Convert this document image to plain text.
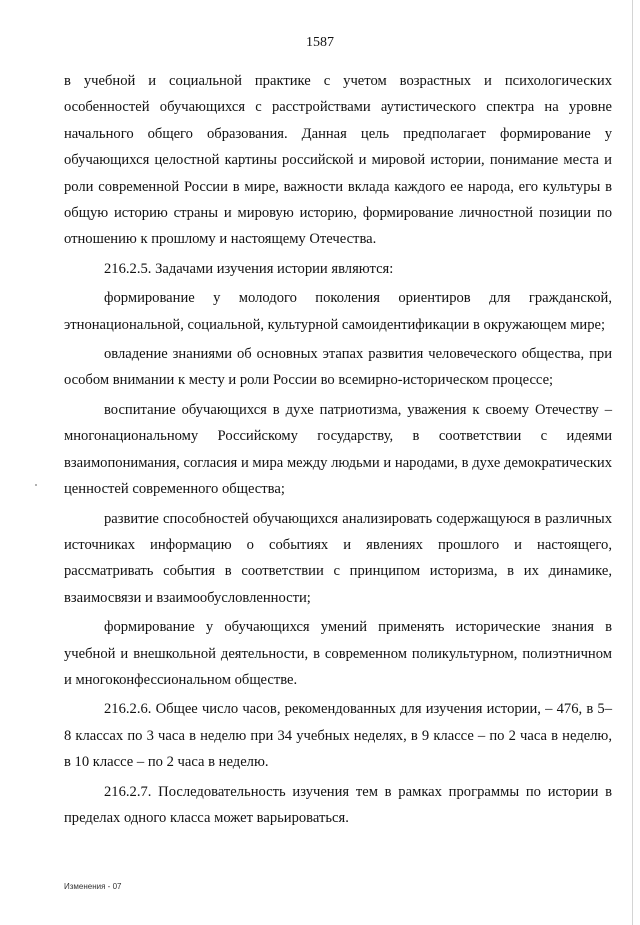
1587

в учебной и социальной практике с учетом возрастных и психологических особенностей обучающихся с расстройствами аутистического спектра на уровне начального общего образования. Данная цель предполагает формирование у обучающихся целостной картины российской и мировой истории, понимание места и роли современной России в мире, важности вклада каждого ее народа, его культуры в общую историю страны и мировую историю, формирование личностной позиции по отношению к прошлому и настоящему Отечества.

216.2.5. Задачами изучения истории являются:

формирование у молодого поколения ориентиров для гражданской, этнонациональной, социальной, культурной самоидентификации в окружающем мире;

овладение знаниями об основных этапах развития человеческого общества, при особом внимании к месту и роли России во всемирно-историческом процессе;

воспитание обучающихся в духе патриотизма, уважения к своему Отечеству – многонациональному Российскому государству, в соответствии с идеями взаимопонимания, согласия и мира между людьми и народами, в духе демократических ценностей современного общества;

развитие способностей обучающихся анализировать содержащуюся в различных источниках информацию о событиях и явлениях прошлого и настоящего, рассматривать события в соответствии с принципом историзма, в их динамике, взаимосвязи и взаимообусловленности;

формирование у обучающихся умений применять исторические знания в учебной и внешкольной деятельности, в современном поликультурном, полиэтничном и многоконфессиональном обществе.

216.2.6. Общее число часов, рекомендованных для изучения истории, – 476, в 5–8 классах по 3 часа в неделю при 34 учебных неделях, в 9 классе – по 2 часа в неделю, в 10 классе – по 2 часа в неделю.

216.2.7. Последовательность изучения тем в рамках программы по истории в пределах одного класса может варьироваться.

Изменения - 07
